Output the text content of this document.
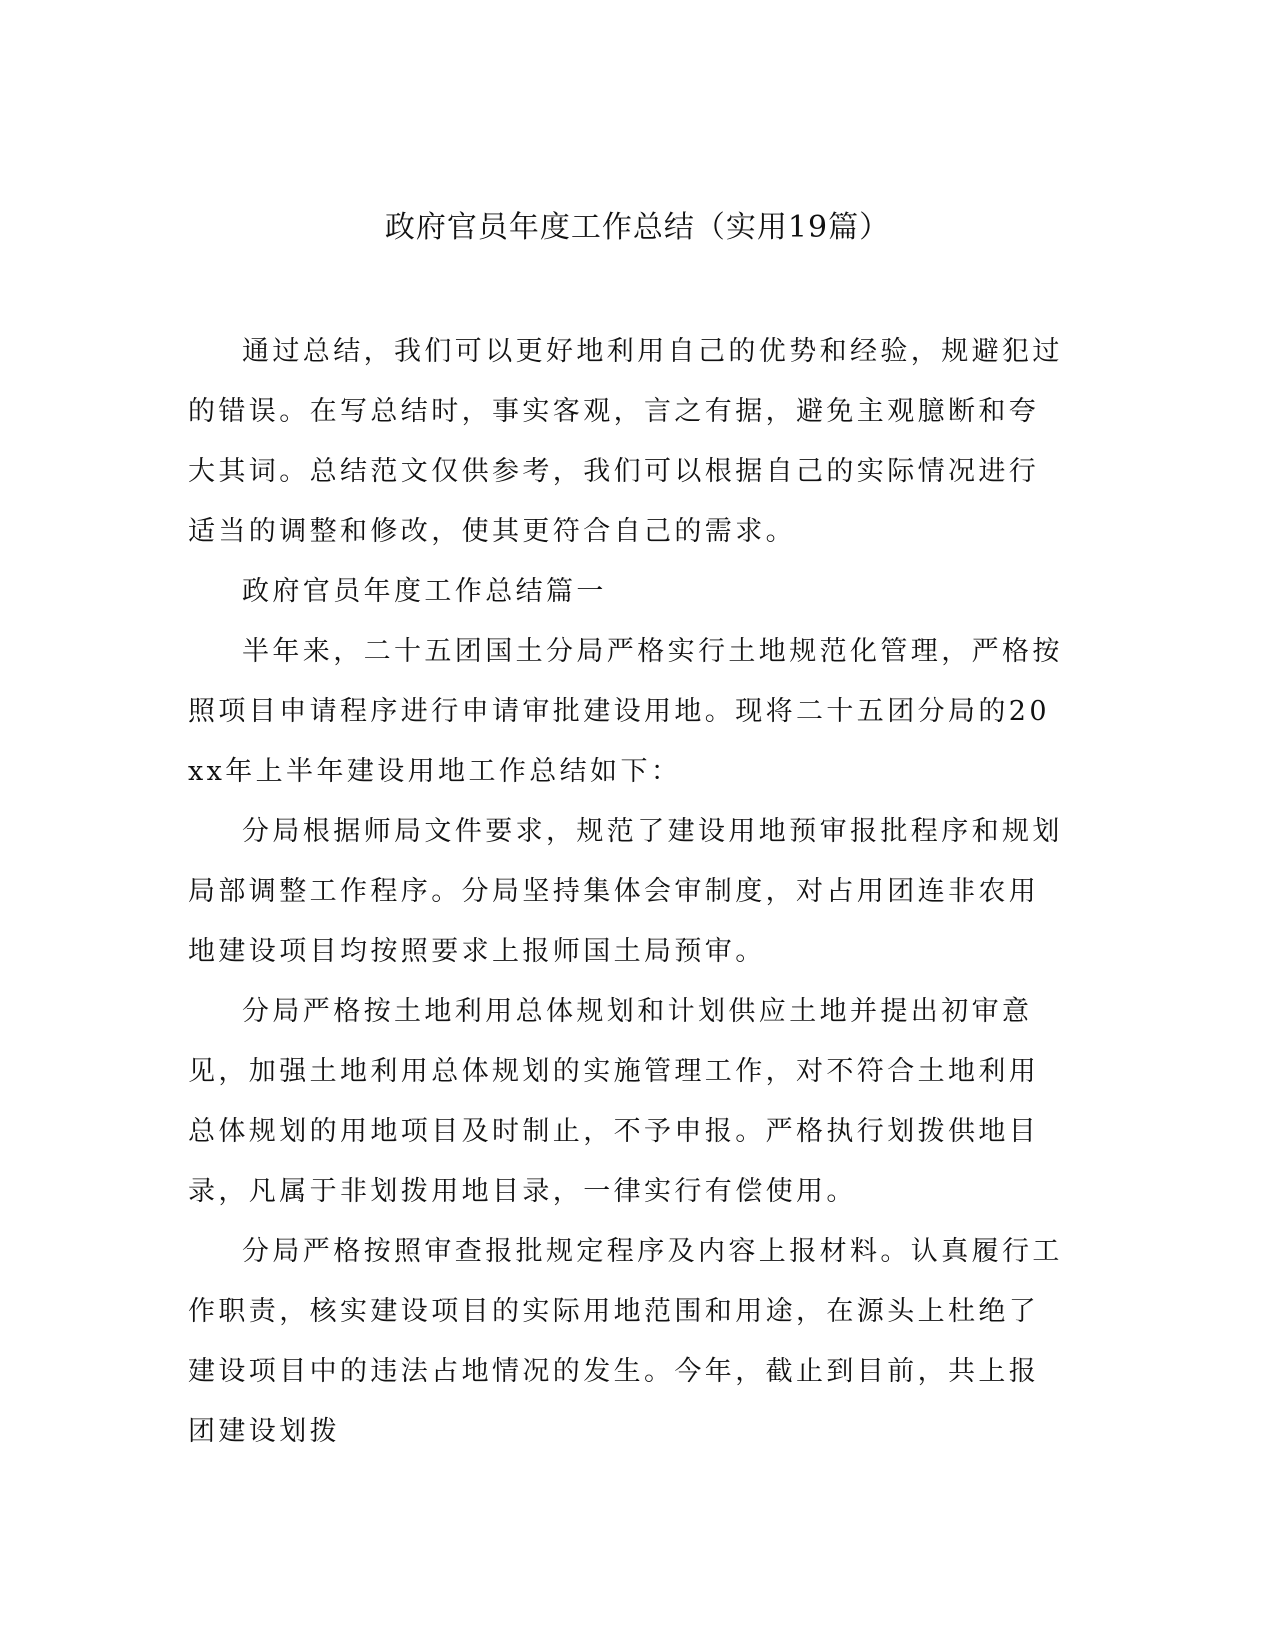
政府官员年度工作总结（实用19篇）

通过总结，我们可以更好地利用自己的优势和经验，规避犯过的错误。在写总结时，事实客观，言之有据，避免主观臆断和夸大其词。总结范文仅供参考，我们可以根据自己的实际情况进行适当的调整和修改，使其更符合自己的需求。

政府官员年度工作总结篇一

半年来，二十五团国土分局严格实行土地规范化管理，严格按照项目申请程序进行申请审批建设用地。现将二十五团分局的20xx年上半年建设用地工作总结如下：

分局根据师局文件要求，规范了建设用地预审报批程序和规划局部调整工作程序。分局坚持集体会审制度，对占用团连非农用地建设项目均按照要求上报师国土局预审。

分局严格按土地利用总体规划和计划供应土地并提出初审意见，加强土地利用总体规划的实施管理工作，对不符合土地利用总体规划的用地项目及时制止，不予申报。严格执行划拨供地目录，凡属于非划拨用地目录，一律实行有偿使用。

分局严格按照审查报批规定程序及内容上报材料。认真履行工作职责，核实建设项目的实际用地范围和用途，在源头上杜绝了建设项目中的违法占地情况的发生。今年，截止到目前，共上报团建设划拨
